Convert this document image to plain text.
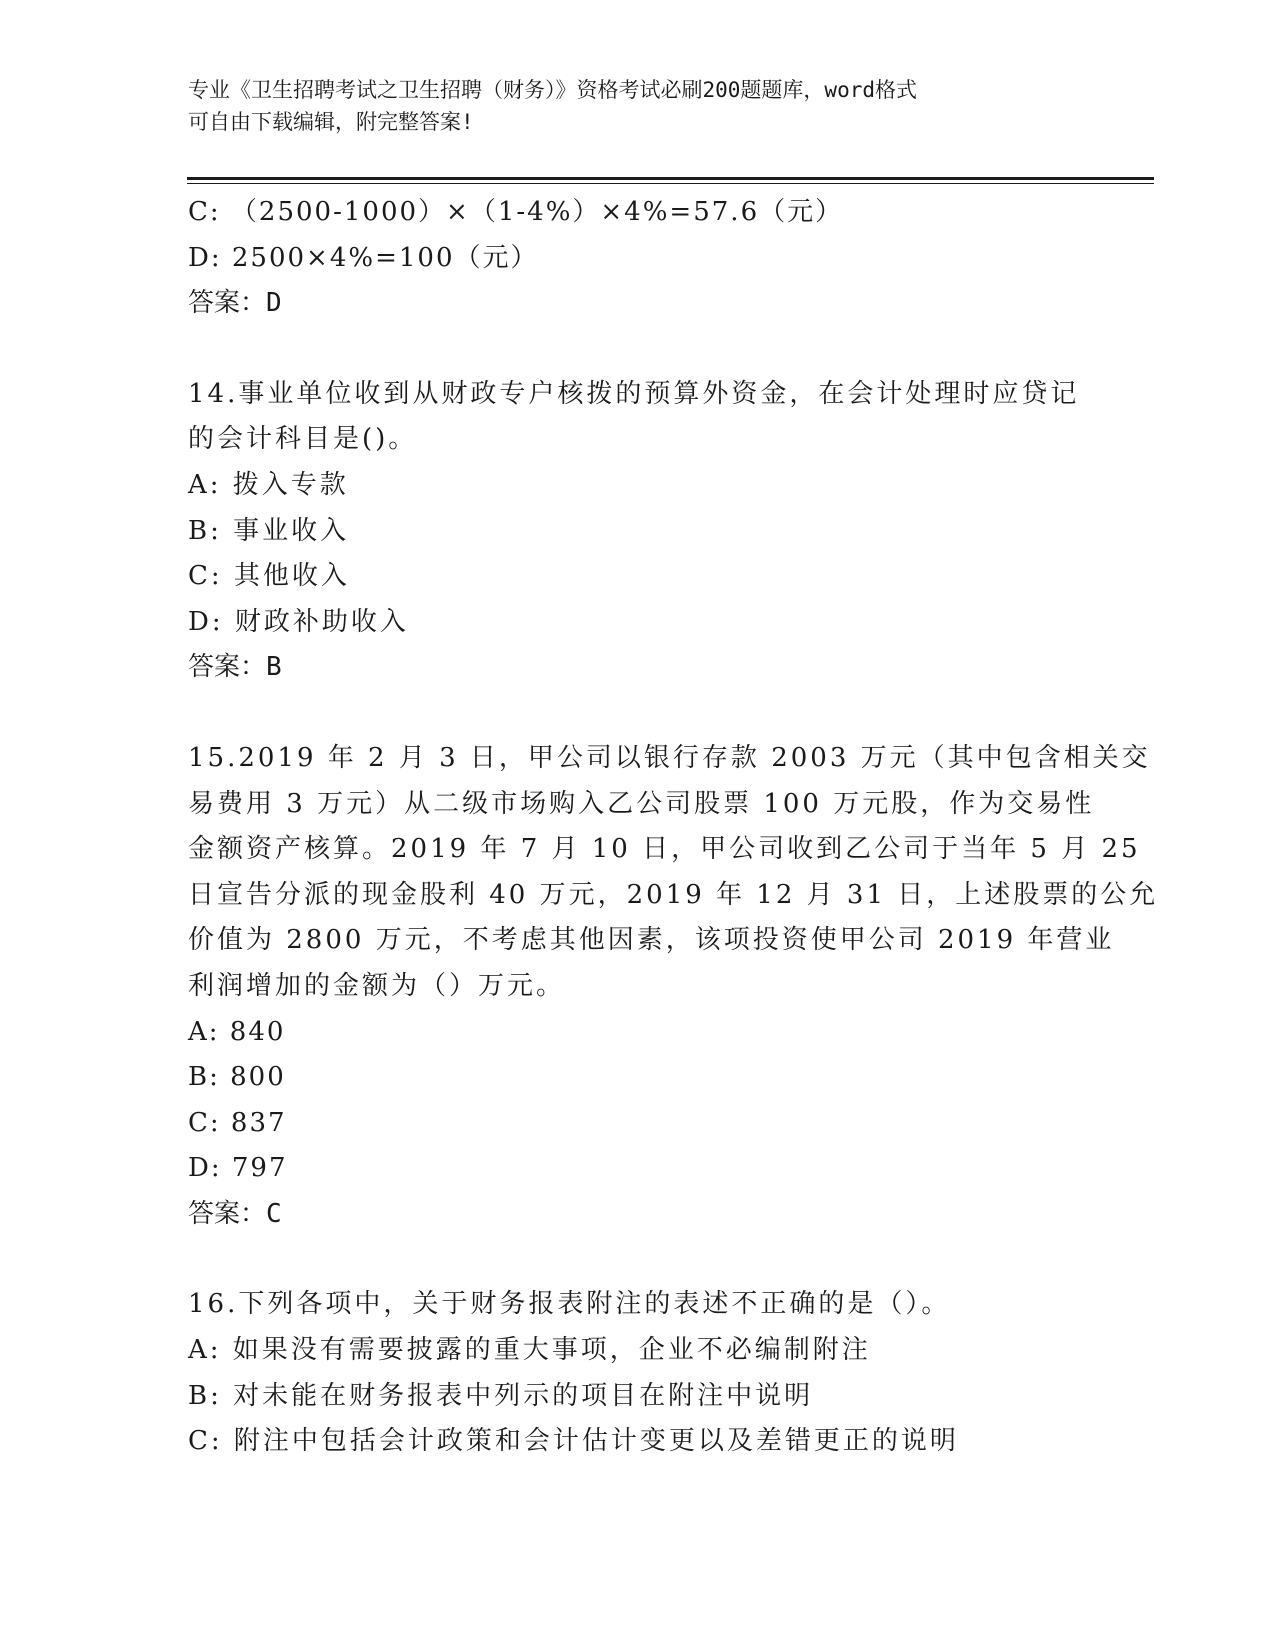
专业《卫生招聘考试之卫生招聘（财务）》资格考试必刷200题题库，word格式
可自由下载编辑，附完整答案!
C: （2500-1000）×（1-4%）×4%=57.6（元）
D: 2500×4%=100（元）
答案：D
14.事业单位收到从财政专户核拨的预算外资金，在会计处理时应贷记
的会计科目是()。
A: 拨入专款
B: 事业收入
C: 其他收入
D: 财政补助收入
答案：B
15.2019 年 2 月 3 日，甲公司以银行存款 2003 万元（其中包含相关交
易费用 3 万元）从二级市场购入乙公司股票 100 万元股，作为交易性
金额资产核算。2019 年 7 月 10 日，甲公司收到乙公司于当年 5 月 25
日宣告分派的现金股利 40 万元，2019 年 12 月 31 日，上述股票的公允
价值为 2800 万元，不考虑其他因素，该项投资使甲公司 2019 年营业
利润增加的金额为（）万元。
A: 840
B: 800
C: 837
D: 797
答案：C
16.下列各项中，关于财务报表附注的表述不正确的是（）。
A: 如果没有需要披露的重大事项，企业不必编制附注
B: 对未能在财务报表中列示的项目在附注中说明
C: 附注中包括会计政策和会计估计变更以及差错更正的说明
